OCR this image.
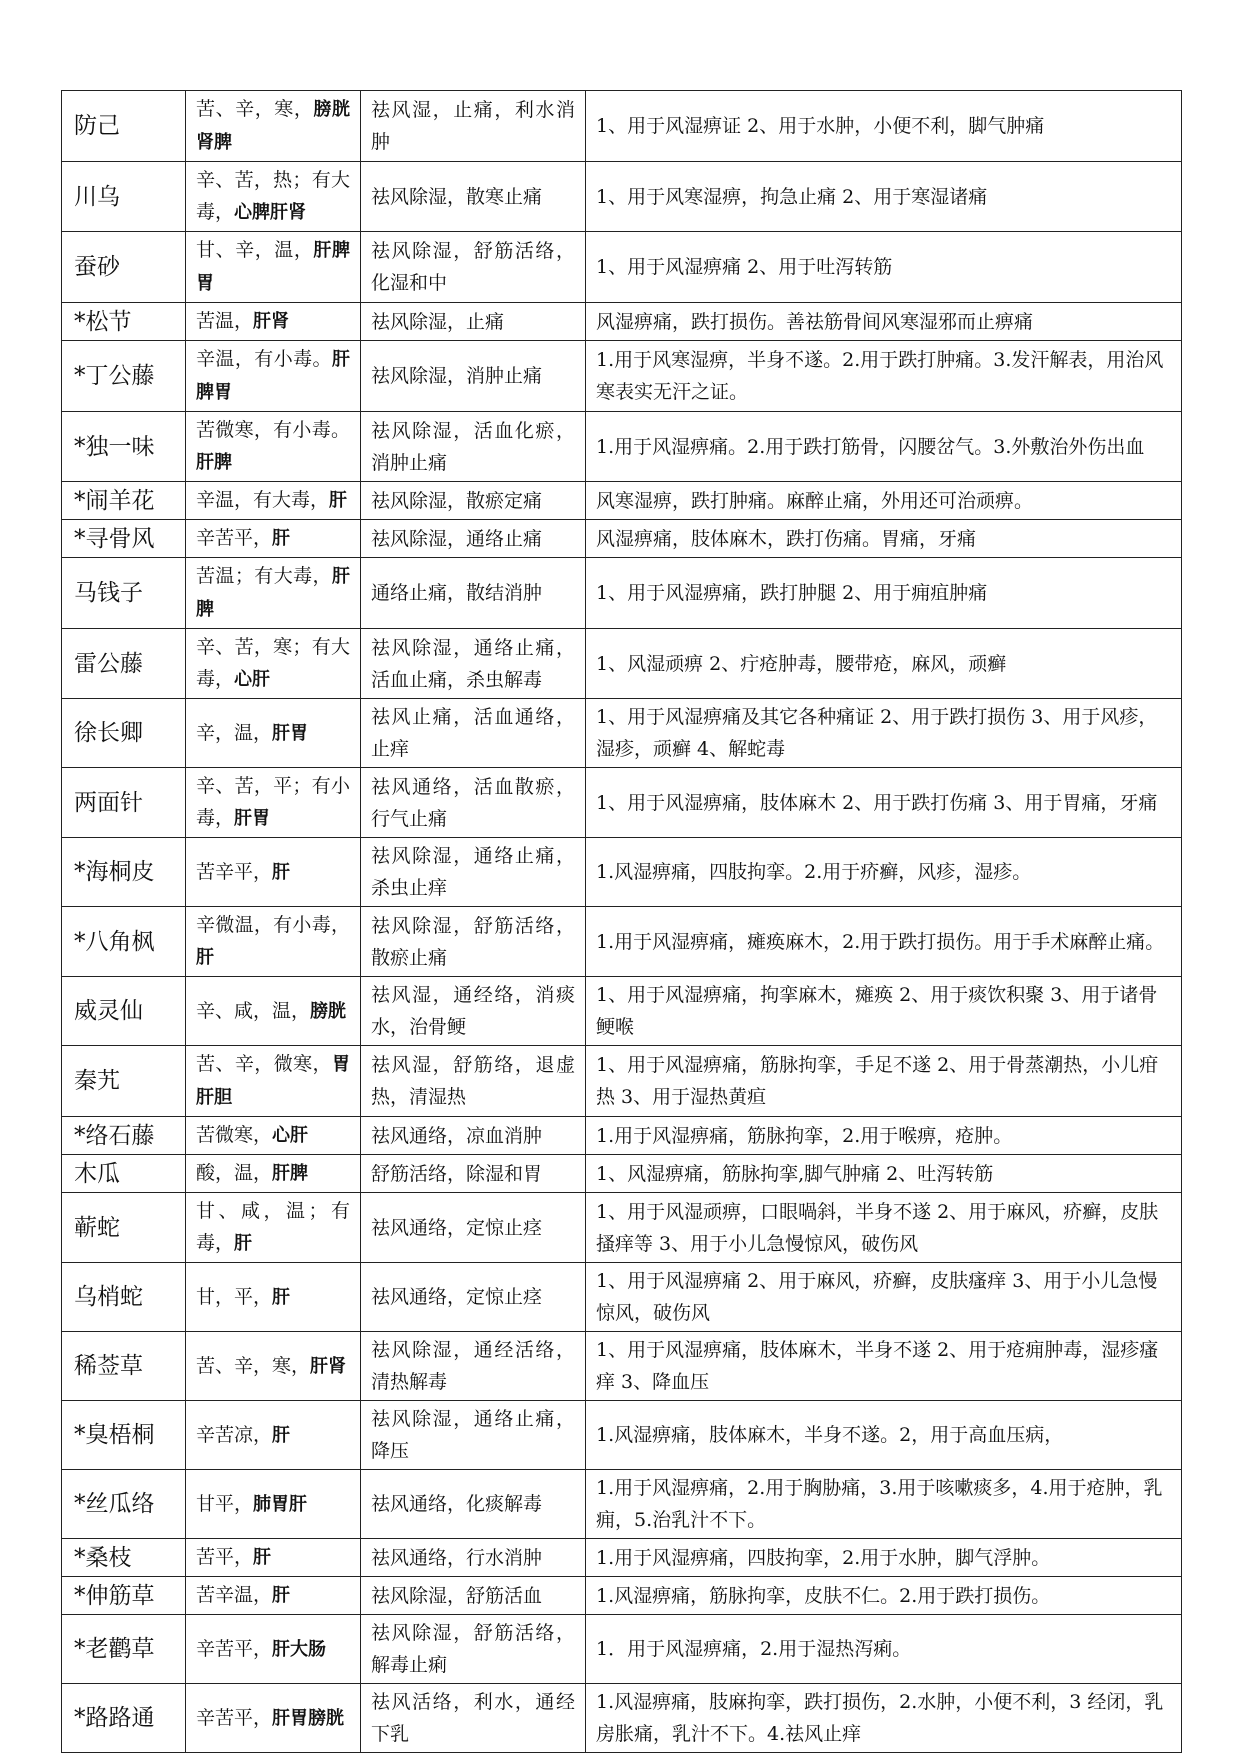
防己	苦、辛，寒，膀胱肾脾	祛风湿，止痛，利水消肿	1、用于风湿痹证 2、用于水肿，小便不利，脚气肿痛
川乌	辛、苦，热；有大毒，心脾肝肾	祛风除湿，散寒止痛	1、用于风寒湿痹，拘急止痛 2、用于寒湿诸痛
蚕砂	甘、辛，温，肝脾胃	祛风除湿，舒筋活络，化湿和中	1、用于风湿痹痛 2、用于吐泻转筋
*松节	苦温，肝肾	祛风除湿，止痛	风湿痹痛，跌打损伤。善祛筋骨间风寒湿邪而止痹痛
*丁公藤	辛温，有小毒。肝脾胃	祛风除湿，消肿止痛	1.用于风寒湿痹，半身不遂。2.用于跌打肿痛。3.发汗解表，用治风寒表实无汗之证。
*独一味	苦微寒，有小毒。肝脾	祛风除湿，活血化瘀，消肿止痛	1.用于风湿痹痛。2.用于跌打筋骨，闪腰岔气。3.外敷治外伤出血
*闹羊花	辛温，有大毒，肝	祛风除湿，散瘀定痛	风寒湿痹，跌打肿痛。麻醉止痛，外用还可治顽痹。
*寻骨风	辛苦平，肝	祛风除湿，通络止痛	风湿痹痛，肢体麻木，跌打伤痛。胃痛，牙痛
马钱子	苦温；有大毒，肝脾	通络止痛，散结消肿	1、用于风湿痹痛，跌打肿腿 2、用于痈疽肿痛
雷公藤	辛、苦，寒；有大毒，心肝	祛风除湿，通络止痛，活血止痛，杀虫解毒	1、风湿顽痹 2、疔疮肿毒，腰带疮，麻风，顽癣
徐长卿	辛，温，肝胃	祛风止痛，活血通络，止痒	1、用于风湿痹痛及其它各种痛证 2、用于跌打损伤 3、用于风疹，湿疹，顽癣 4、解蛇毒
两面针	辛、苦，平；有小毒，肝胃	祛风通络，活血散瘀，行气止痛	1、用于风湿痹痛，肢体麻木 2、用于跌打伤痛 3、用于胃痛，牙痛
*海桐皮	苦辛平，肝	祛风除湿，通络止痛，杀虫止痒	1.风湿痹痛，四肢拘挛。2.用于疥癣，风疹，湿疹。
*八角枫	辛微温，有小毒，肝	祛风除湿，舒筋活络，散瘀止痛	1.用于风湿痹痛，瘫痪麻木，2.用于跌打损伤。用于手术麻醉止痛。
威灵仙	辛、咸，温，膀胱	祛风湿，通经络，消痰水，治骨鲠	1、用于风湿痹痛，拘挛麻木，瘫痪 2、用于痰饮积聚 3、用于诸骨鲠喉
秦艽	苦、辛，微寒，胃肝胆	祛风湿，舒筋络，退虚热，清湿热	1、用于风湿痹痛，筋脉拘挛，手足不遂 2、用于骨蒸潮热，小儿疳热 3、用于湿热黄疸
*络石藤	苦微寒，心肝	祛风通络，凉血消肿	1.用于风湿痹痛，筋脉拘挛，2.用于喉痹，疮肿。
木瓜	酸，温，肝脾	舒筋活络，除湿和胃	1、风湿痹痛，筋脉拘挛,脚气肿痛 2、吐泻转筋
蕲蛇	甘、咸，温；有毒，肝	祛风通络，定惊止痉	1、用于风湿顽痹，口眼喎斜，半身不遂 2、用于麻风，疥癣，皮肤搔痒等 3、用于小儿急慢惊风，破伤风
乌梢蛇	甘，平，肝	祛风通络，定惊止痉	1、用于风湿痹痛 2、用于麻风，疥癣，皮肤瘙痒 3、用于小儿急慢惊风，破伤风
稀莶草	苦、辛，寒，肝肾	祛风除湿，通经活络，清热解毒	1、用于风湿痹痛，肢体麻木，半身不遂 2、用于疮痈肿毒，湿疹瘙痒 3、降血压
*臭梧桐	辛苦凉，肝	祛风除湿，通络止痛，降压	1.风湿痹痛，肢体麻木，半身不遂。2，用于高血压病，
*丝瓜络	甘平，肺胃肝	祛风通络，化痰解毒	1.用于风湿痹痛，2.用于胸胁痛，3.用于咳嗽痰多，4.用于疮肿，乳痈，5.治乳汁不下。
*桑枝	苦平，肝	祛风通络，行水消肿	1.用于风湿痹痛，四肢拘挛，2.用于水肿，脚气浮肿。
*伸筋草	苦辛温，肝	祛风除湿，舒筋活血	1.风湿痹痛，筋脉拘挛，皮肤不仁。2.用于跌打损伤。
*老鹳草	辛苦平，肝大肠	祛风除湿，舒筋活络，解毒止痢	1．用于风湿痹痛，2.用于湿热泻痢。
*路路通	辛苦平，肝胃膀胱	祛风活络，利水，通经下乳	1.风湿痹痛，肢麻拘挛，跌打损伤，2.水肿，小便不利，3 经闭，乳房胀痛，乳汁不下。4.祛风止痒
